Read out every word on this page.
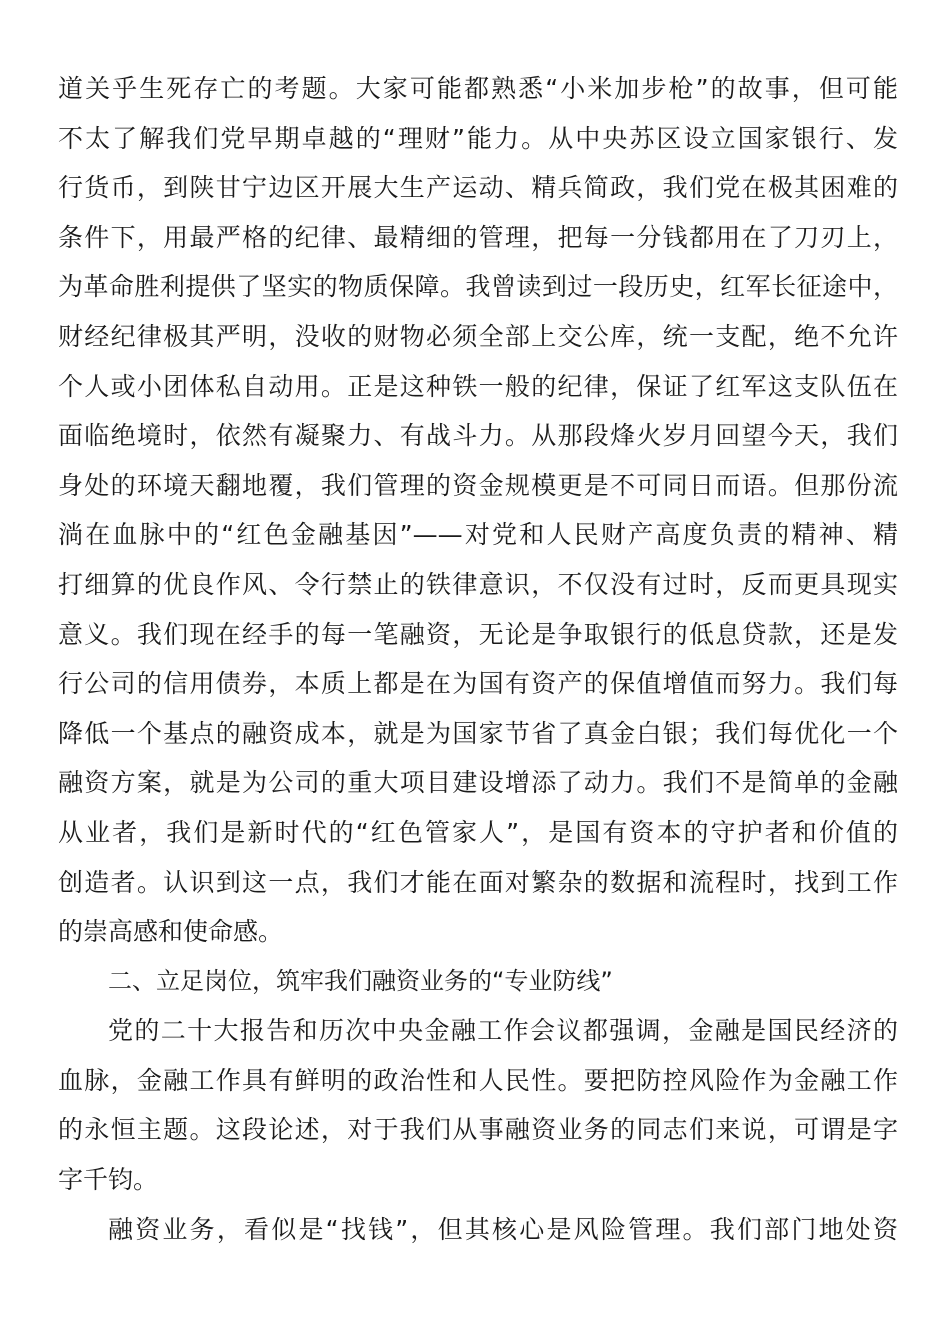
道关乎生死存亡的考题。大家可能都熟悉“小米加步枪”的故事，但可能
不太了解我们党早期卓越的“理财”能力。从中央苏区设立国家银行、发
行货币，到陕甘宁边区开展大生产运动、精兵简政，我们党在极其困难的
条件下，用最严格的纪律、最精细的管理，把每一分钱都用在了刀刃上，
为革命胜利提供了坚实的物质保障。我曾读到过一段历史，红军长征途中，
财经纪律极其严明，没收的财物必须全部上交公库，统一支配，绝不允许
个人或小团体私自动用。正是这种铁一般的纪律，保证了红军这支队伍在
面临绝境时，依然有凝聚力、有战斗力。从那段烽火岁月回望今天，我们
身处的环境天翻地覆，我们管理的资金规模更是不可同日而语。但那份流
淌在血脉中的“红色金融基因”——对党和人民财产高度负责的精神、精
打细算的优良作风、令行禁止的铁律意识，不仅没有过时，反而更具现实
意义。我们现在经手的每一笔融资，无论是争取银行的低息贷款，还是发
行公司的信用债券，本质上都是在为国有资产的保值增值而努力。我们每
降低一个基点的融资成本，就是为国家节省了真金白银；我们每优化一个
融资方案，就是为公司的重大项目建设增添了动力。我们不是简单的金融
从业者，我们是新时代的“红色管家人”，是国有资本的守护者和价值的
创造者。认识到这一点，我们才能在面对繁杂的数据和流程时，找到工作
的崇高感和使命感。
二、立足岗位，筑牢我们融资业务的“专业防线”
党的二十大报告和历次中央金融工作会议都强调，金融是国民经济的
血脉，金融工作具有鲜明的政治性和人民性。要把防控风险作为金融工作
的永恒主题。这段论述，对于我们从事融资业务的同志们来说，可谓是字
字千钧。
融资业务，看似是“找钱”，但其核心是风险管理。我们部门地处资
